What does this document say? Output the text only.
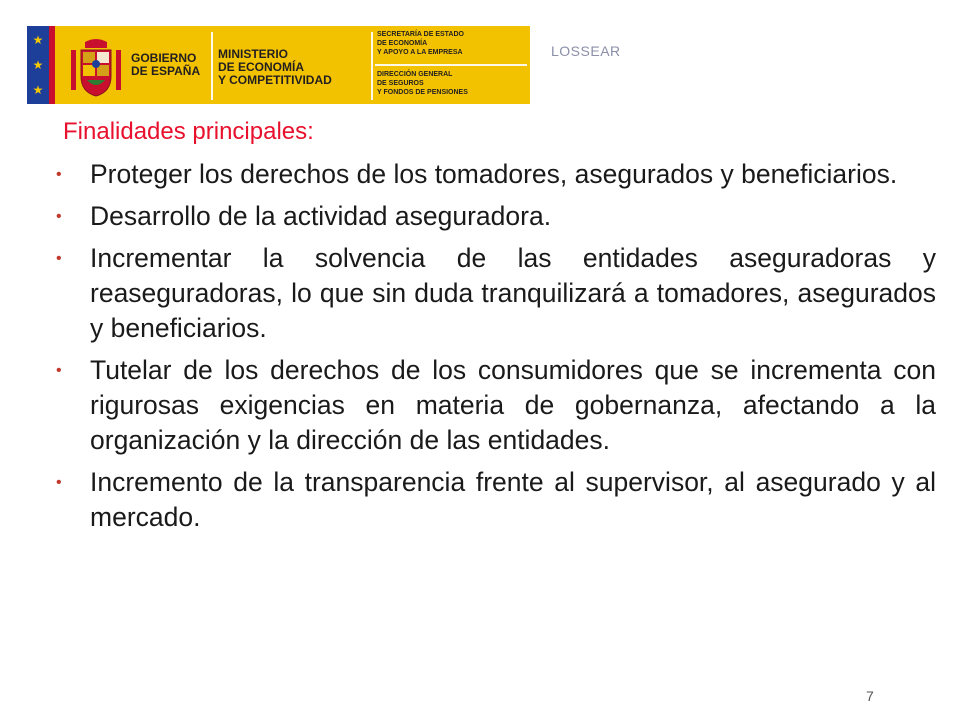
★
★
★
GOBIERNO
DE ESPAÑA
MINISTERIO
DE ECONOMÍA
Y COMPETITIVIDAD
SECRETARÍA DE ESTADO
DE ECONOMÍA
Y APOYO A LA EMPRESA
DIRECCIÓN GENERAL
DE SEGUROS
Y FONDOS DE PENSIONES
LOSSEAR
Finalidades principales:
• Proteger los derechos de los tomadores, asegurados y beneficiarios.
• Desarrollo de la actividad aseguradora.
• Incrementar la solvencia de las entidades aseguradoras y reaseguradoras, lo que sin duda tranquilizará a tomadores, asegurados y beneficiarios.
• Tutelar de los derechos de los consumidores que se incrementa con rigurosas exigencias en materia de gobernanza, afectando a la organización y la dirección de las entidades.
• Incremento de la transparencia frente al supervisor, al asegurado y al mercado.
7
